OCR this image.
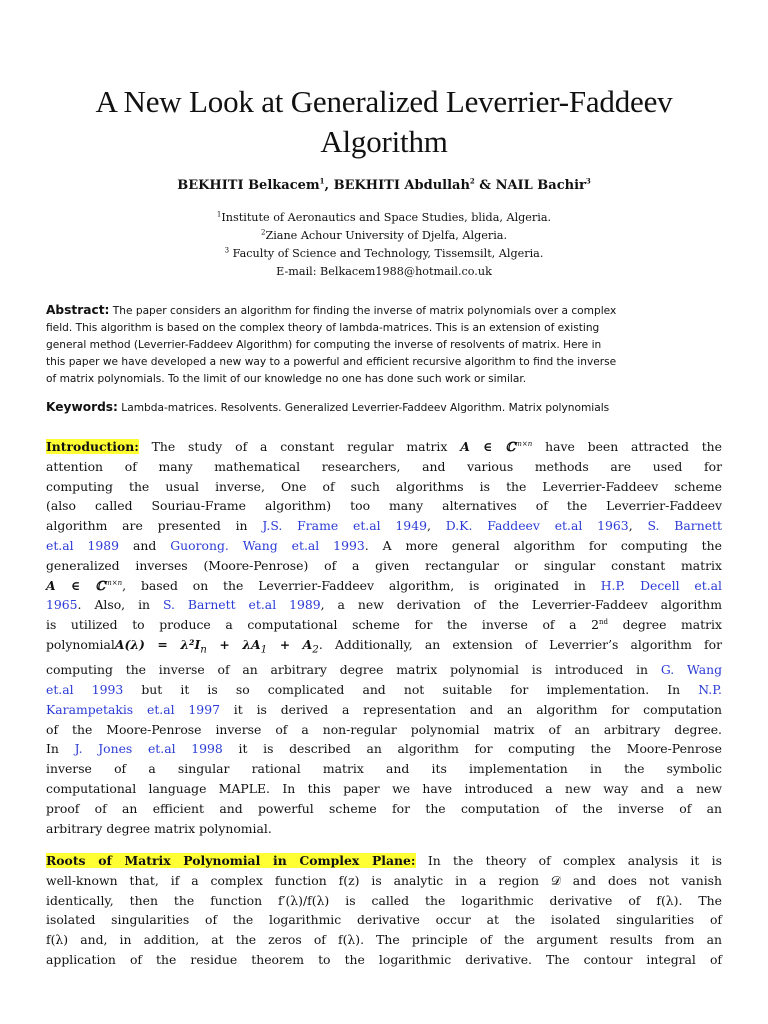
A New Look at Generalized Leverrier-Faddeev
Algorithm
BEKHITI Belkacem$^1$, BEKHITI Abdullah$^2$ & NAIL Bachir$^3$
$^1$Institute of Aeronautics and Space Studies, blida, Algeria.
$^2$Ziane Achour University of Djelfa, Algeria.
$^3$ Faculty of Science and Technology, Tissemsilt, Algeria.
E-mail: Belkacem1988@hotmail.co.uk
Abstract: The paper considers an algorithm for finding the inverse of matrix polynomials over a complex
field. This algorithm is based on the complex theory of lambda-matrices. This is an extension of existing
general method (Leverrier-Faddeev Algorithm) for computing the inverse of resolvents of matrix. Here in
this paper we have developed a new way to a powerful and efficient recursive algorithm to find the inverse
of matrix polynomials. To the limit of our knowledge no one has done such work or similar.
Keywords: Lambda-matrices. Resolvents. Generalized Leverrier-Faddeev Algorithm. Matrix polynomials
Introduction: The study of a constant regular matrix A ∈ ℂ$^{m\times n}$ have been attracted the
attention of many mathematical researchers, and various methods are used for
computing the usual inverse, One of such algorithms is the Leverrier-Faddeev scheme
(also called Souriau-Frame algorithm) too many alternatives of the Leverrier-Faddeev
algorithm are presented in J.S. Frame et.al 1949, D.K. Faddeev et.al 1963, S. Barnett
et.al 1989 and Guorong. Wang et.al 1993. A more general algorithm for computing the
generalized inverses (Moore-Penrose) of a given rectangular or singular constant matrix
A ∈ ℂ$^{m\times n}$, based on the Leverrier-Faddeev algorithm, is originated in H.P. Decell et.al
1965. Also, in S. Barnett et.al 1989, a new derivation of the Leverrier-Faddeev algorithm
is utilized to produce a computational scheme for the inverse of a 2nd degree matrix
polynomialA(λ) = $\lambda^2I_n + \lambda A_1 + A_2$. Additionally, an extension of Leverrier’s algorithm for
computing the inverse of an arbitrary degree matrix polynomial is introduced in G. Wang
et.al 1993 but it is so complicated and not suitable for implementation. In N.P.
Karampetakis et.al 1997 it is derived a representation and an algorithm for computation
of the Moore-Penrose inverse of a non-regular polynomial matrix of an arbitrary degree.
In J. Jones et.al 1998 it is described an algorithm for computing the Moore-Penrose
inverse of a singular rational matrix and its implementation in the symbolic
computational language MAPLE. In this paper we have introduced a new way and a new
proof of an efficient and powerful scheme for the computation of the inverse of an
arbitrary degree matrix polynomial.
Roots of Matrix Polynomial in Complex Plane: In the theory of complex analysis it is
well-known that, if a complex function f(z) is analytic in a region 𝒟 and does not vanish
identically, then the function f′(λ)/f(λ) is called the logarithmic derivative of f(λ). The
isolated singularities of the logarithmic derivative occur at the isolated singularities of
f(λ) and, in addition, at the zeros of f(λ). The principle of the argument results from an
application of the residue theorem to the logarithmic derivative. The contour integral of
